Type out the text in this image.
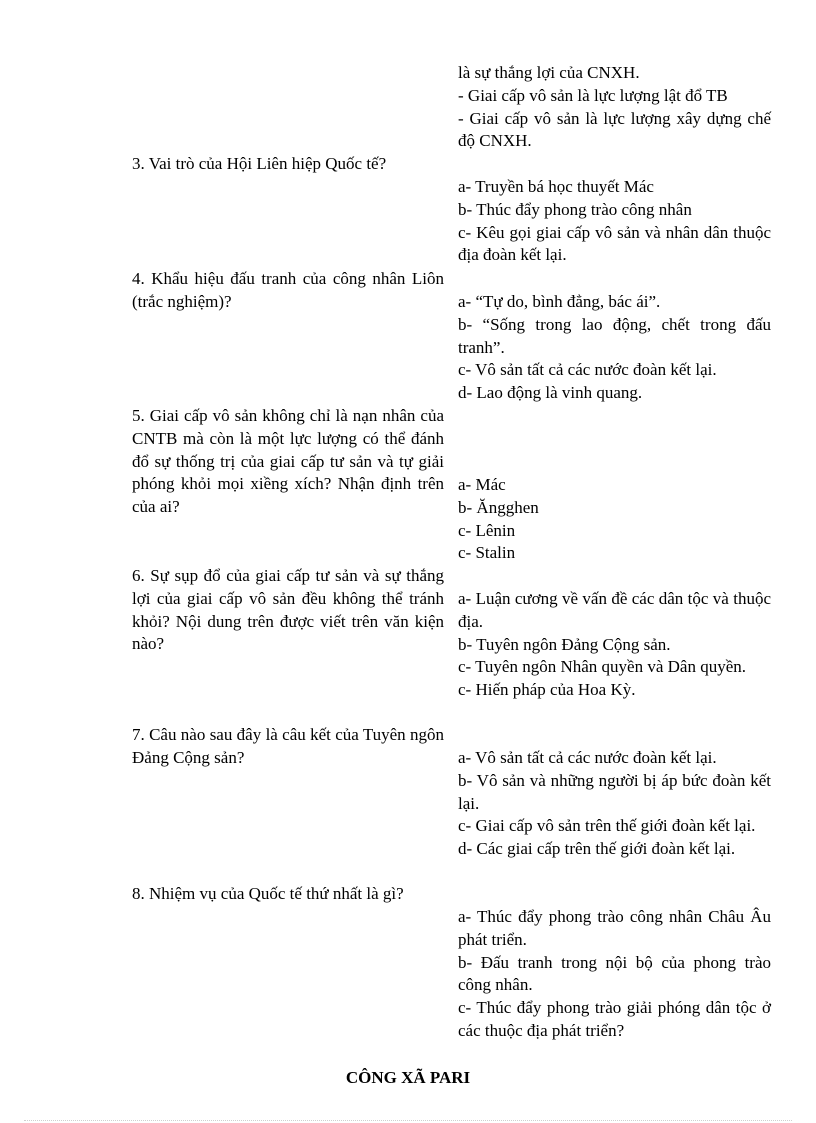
là sự thắng lợi của CNXH.
- Giai cấp vô sản là lực lượng lật đổ TB
- Giai cấp vô sản là lực lượng xây dựng chế độ CNXH.
3. Vai trò của Hội Liên hiệp Quốc tế?
a- Truyền bá học thuyết Mác
b- Thúc đẩy phong trào công nhân
c- Kêu gọi giai cấp vô sản và nhân dân thuộc địa đoàn kết lại.
4. Khẩu hiệu đấu tranh của công nhân Liôn (trắc nghiệm)?	a- “Tự do, bình đẳng, bác ái”.
b- “Sống trong lao động, chết trong đấu tranh”.
c- Vô sản tất cả các nước đoàn kết lại.
d- Lao động là vinh quang.
5. Giai cấp vô sản không chỉ là nạn nhân của CNTB mà còn là một lực lượng có thể đánh đổ sự thống trị của giai cấp tư sản và tự giải phóng khỏi mọi xiềng xích? Nhận định trên của ai?
a- Mác
b- Ăngghen
c- Lênin
c- Stalin
6. Sự sụp đổ của giai cấp tư sản và sự thắng lợi của giai cấp vô sản đều không thể tránh khỏi? Nội dung trên được viết trên văn kiện nào?
a- Luận cương về vấn đề các dân tộc và thuộc địa.
b- Tuyên ngôn Đảng Cộng sản.
c- Tuyên ngôn Nhân quyền và Dân quyền.
c- Hiến pháp của Hoa Kỳ.
7. Câu nào sau đây là câu kết của Tuyên ngôn Đảng Cộng sản?	a- Vô sản tất cả các nước đoàn kết lại.
b- Vô sản và những người bị áp bức đoàn kết lại.
c- Giai cấp vô sản trên thế giới đoàn kết lại.
d- Các giai cấp trên thế giới đoàn kết lại.
8. Nhiệm vụ của Quốc tế thứ nhất là gì?
a- Thúc đẩy phong trào công nhân Châu Âu phát triển.
b- Đấu tranh trong nội bộ của phong trào công nhân.
c- Thúc đẩy phong trào giải phóng dân tộc ở các thuộc địa phát triển?
CÔNG XÃ PARI
